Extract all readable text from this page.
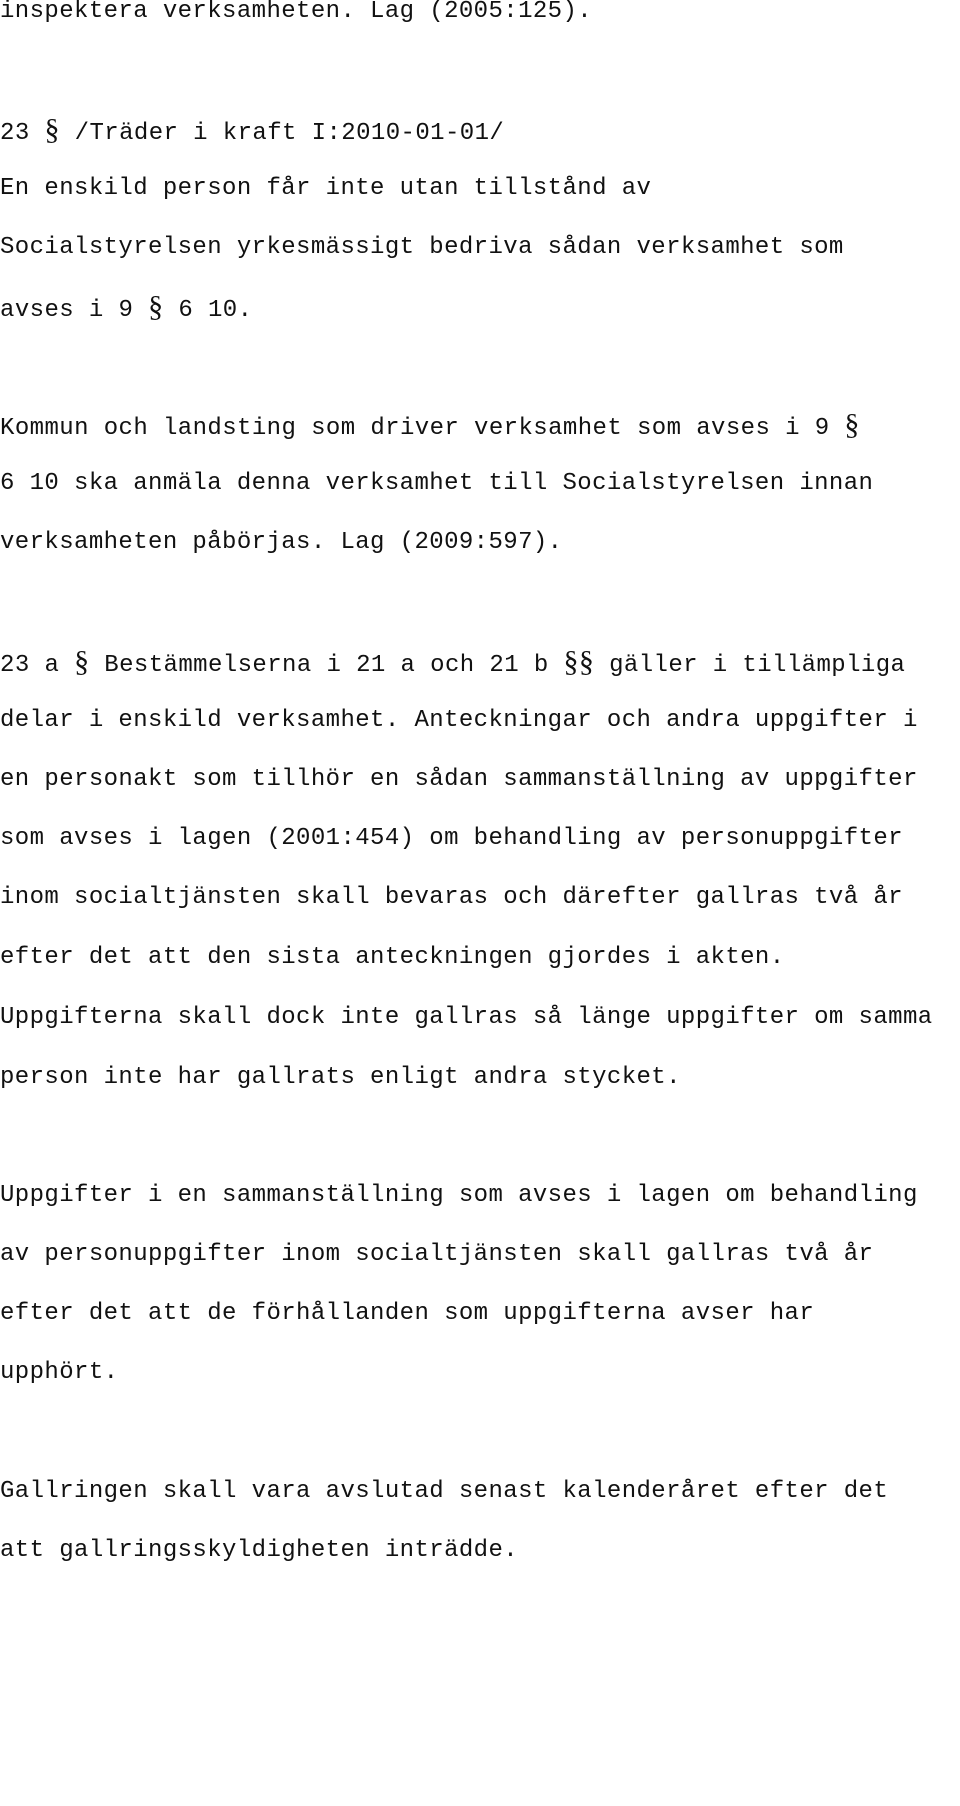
inspektera verksamheten. Lag (2005:125).

23 § /Träder i kraft I:2010-01-01/

En enskild person får inte utan tillstånd av

Socialstyrelsen yrkesmässigt bedriva sådan verksamhet som

avses i 9 § 6 10.

Kommun och landsting som driver verksamhet som avses i 9 §

6 10 ska anmäla denna verksamhet till Socialstyrelsen innan

verksamheten påbörjas. Lag (2009:597).

23 a § Bestämmelserna i 21 a och 21 b §§ gäller i tillämpliga

delar i enskild verksamhet. Anteckningar och andra uppgifter i

en personakt som tillhör en sådan sammanställning av uppgifter

som avses i lagen (2001:454) om behandling av personuppgifter

inom socialtjänsten skall bevaras och därefter gallras två år

efter det att den sista anteckningen gjordes i akten.

Uppgifterna skall dock inte gallras så länge uppgifter om samma

person inte har gallrats enligt andra stycket.

Uppgifter i en sammanställning som avses i lagen om behandling

av personuppgifter inom socialtjänsten skall gallras två år

efter det att de förhållanden som uppgifterna avser har

upphört.

Gallringen skall vara avslutad senast kalenderåret efter det

att gallringsskyldigheten inträdde.
